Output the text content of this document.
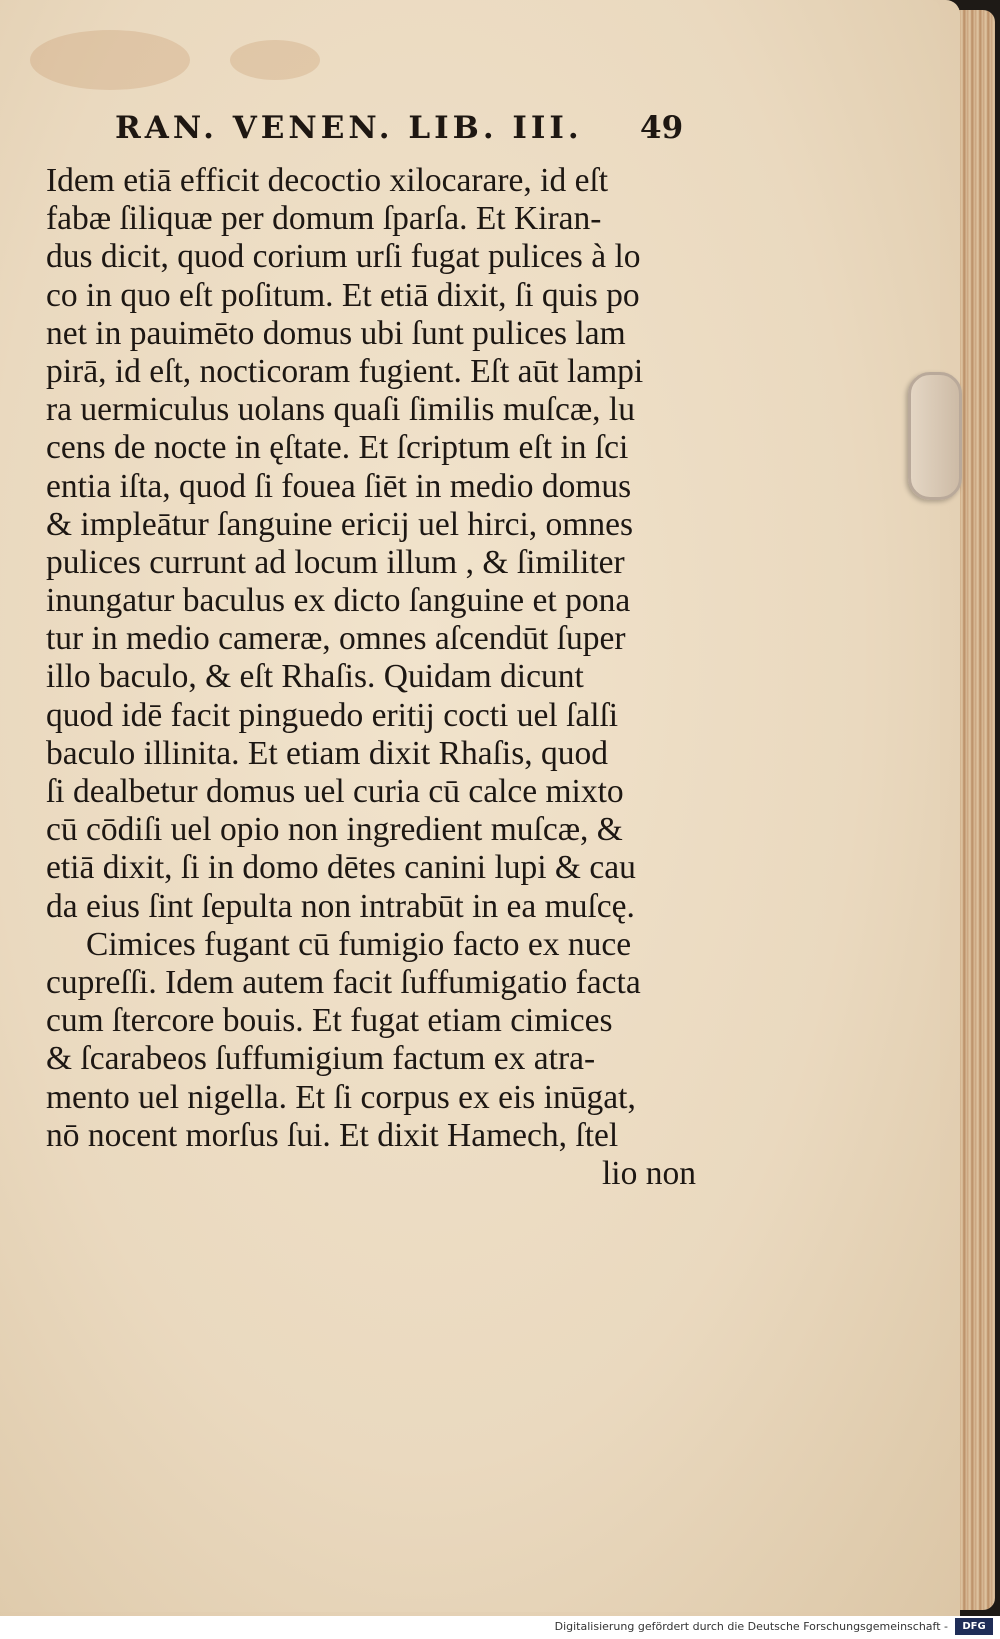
RAN. VENEN. LIB. III.	49
Idem etiā efficit decoctio xilocarare, id eſt
fabæ ſiliquæ per domum ſparſa. Et Kiran-
dus dicit, quod corium urſi fugat pulices à lo
co in quo eſt poſitum. Et etiā dixit, ſi quis po
net in pauimēto domus ubi ſunt pulices lam
pirā, id eſt, nocticoram fugient. Eſt aūt lampi
ra uermiculus uolans quaſi ſimilis muſcæ, lu
cens de nocte in ęſtate. Et ſcriptum eſt in ſci
entia iſta, quod ſi fouea ſiēt in medio domus
& impleātur ſanguine ericij uel hirci, omnes
pulices currunt ad locum illum , & ſimiliter
inungatur baculus ex dicto ſanguine et pona
tur in medio cameræ, omnes aſcendūt ſuper
illo baculo, & eſt Rhaſis. Quidam dicunt
quod idē facit pinguedo eritij cocti uel ſalſi
baculo illinita. Et etiam dixit Rhaſis, quod
ſi dealbetur domus uel curia cū calce mixto
cū cōdiſi uel opio non ingredient muſcæ, &
etiā dixit, ſi in domo dētes canini lupi & cau
da eius ſint ſepulta non intrabūt in ea muſcę.
Cimices fugant cū fumigio facto ex nuce
cupreſſi. Idem autem facit ſuffumigatio facta
cum ſtercore bouis. Et fugat etiam cimices
& ſcarabeos ſuffumigium factum ex atra-
mento uel nigella. Et ſi corpus ex eis inūgat,
nō nocent morſus ſui. Et dixit Hamech, ſtel
lio non
Digitalisierung gefördert durch die Deutsche Forschungsgemeinschaft -	DFG
